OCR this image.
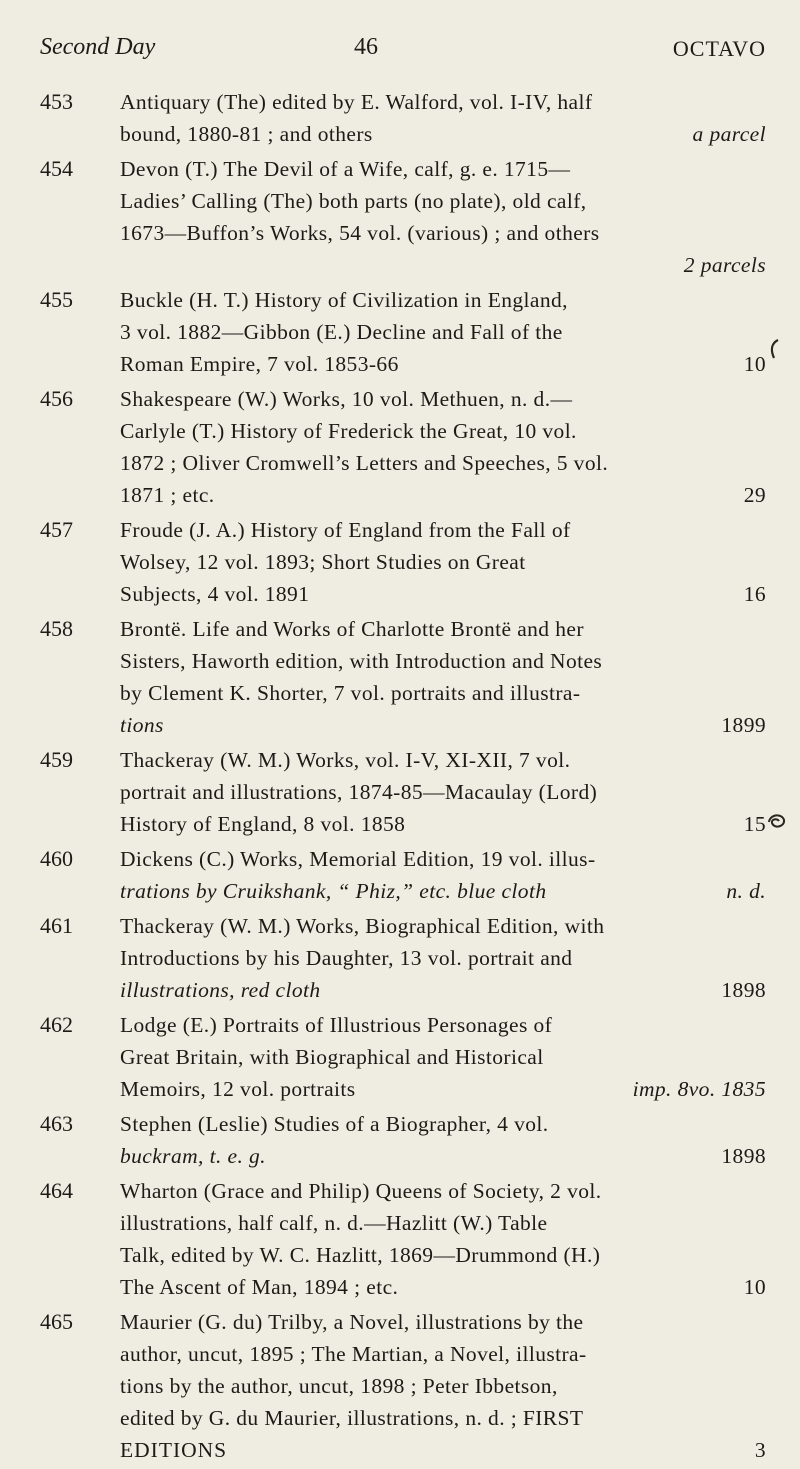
Second Day	46	OCTAVO
453	Antiquary (The) edited by E. Walford, vol. I-IV, half
bound, 1880-81 ; and others	a parcel
454	Devon (T.) The Devil of a Wife, calf, g. e. 1715—
Ladies’ Calling (The) both parts (no plate), old calf,
1673—Buffon’s Works, 54 vol. (various) ; and others
2 parcels
455	Buckle (H. T.) History of Civilization in England,
3 vol. 1882—Gibbon (E.) Decline and Fall of the
Roman Empire, 7 vol. 1853-66	10
456	Shakespeare (W.) Works, 10 vol. Methuen, n. d.—
Carlyle (T.) History of Frederick the Great, 10 vol.
1872 ; Oliver Cromwell’s Letters and Speeches, 5 vol.
1871 ; etc.	29
457	Froude (J. A.) History of England from the Fall of
Wolsey, 12 vol. 1893; Short Studies on Great
Subjects, 4 vol. 1891	16
458	Brontë. Life and Works of Charlotte Brontë and her
Sisters, Haworth edition, with Introduction and Notes
by Clement K. Shorter, 7 vol. portraits and illustra-
tions	1899
459	Thackeray (W. M.) Works, vol. I-V, XI-XII, 7 vol.
portrait and illustrations, 1874-85—Macaulay (Lord)
History of England, 8 vol. 1858	15
460	Dickens (C.) Works, Memorial Edition, 19 vol. illus-
trations by Cruikshank, “ Phiz,” etc. blue cloth	n. d.
461	Thackeray (W. M.) Works, Biographical Edition, with
Introductions by his Daughter, 13 vol. portrait and
illustrations, red cloth	1898
462	Lodge (E.) Portraits of Illustrious Personages of
Great Britain, with Biographical and Historical
Memoirs, 12 vol. portraits	imp. 8vo. 1835
463	Stephen (Leslie) Studies of a Biographer, 4 vol.
buckram, t. e. g.	1898
464	Wharton (Grace and Philip) Queens of Society, 2 vol.
illustrations, half calf, n. d.—Hazlitt (W.) Table
Talk, edited by W. C. Hazlitt, 1869—Drummond (H.)
The Ascent of Man, 1894 ; etc.	10
465	Maurier (G. du) Trilby, a Novel, illustrations by the
author, uncut, 1895 ; The Martian, a Novel, illustra-
tions by the author, uncut, 1898 ; Peter Ibbetson,
edited by G. du Maurier, illustrations, n. d. ; FIRST
EDITIONS	3
